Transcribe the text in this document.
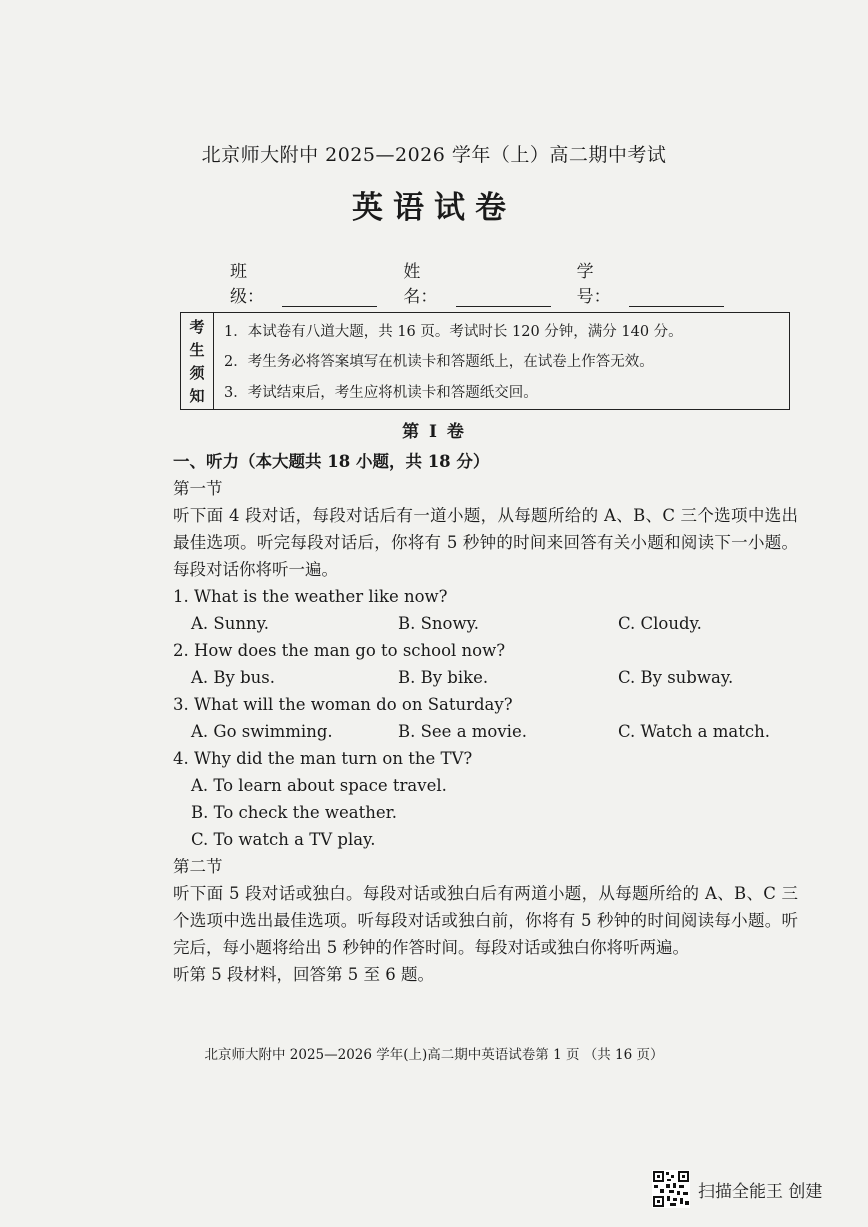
北京师大附中 2025—2026 学年（上）高二期中考试
英语试卷
班级：
姓名：
学号：
考
生
须
知
1．本试卷有八道大题，共 16 页。考试时长 120 分钟，满分 140 分。
2．考生务必将答案填写在机读卡和答题纸上，在试卷上作答无效。
3．考试结束后，考生应将机读卡和答题纸交回。
第 I 卷
一、听力（本大题共 18 小题，共 18 分）
第一节
听下面 4 段对话，每段对话后有一道小题，从每题所给的 A、B、C 三个选项中选出最佳选项。听完每段对话后，你将有 5 秒钟的时间来回答有关小题和阅读下一小题。每段对话你将听一遍。
1. What is the weather like now?
A. Sunny.	B. Snowy.	C. Cloudy.
2. How does the man go to school now?
A. By bus.	B. By bike.	C. By subway.
3. What will the woman do on Saturday?
A. Go swimming.	B. See a movie.	C. Watch a match.
4. Why did the man turn on the TV?
A. To learn about space travel.
B. To check the weather.
C. To watch a TV play.
第二节
听下面 5 段对话或独白。每段对话或独白后有两道小题，从每题所给的 A、B、C 三个选项中选出最佳选项。听每段对话或独白前，你将有 5 秒钟的时间阅读每小题。听完后，每小题将给出 5 秒钟的作答时间。每段对话或独白你将听两遍。
听第 5 段材料，回答第 5 至 6 题。
北京师大附中 2025—2026 学年(上)高二期中英语试卷第 1 页 （共 16 页）
扫描全能王 创建
